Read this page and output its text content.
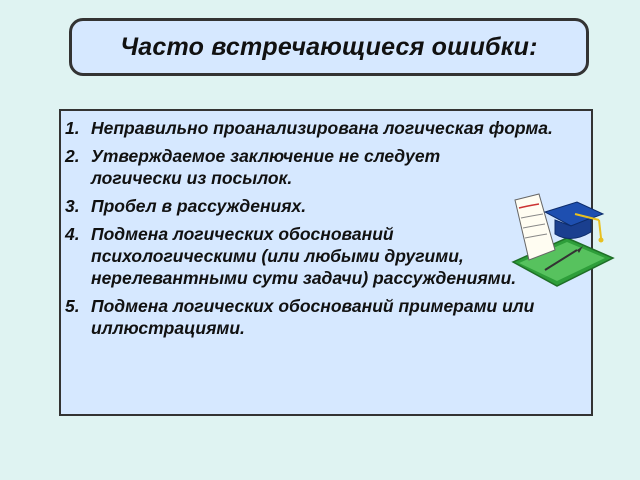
Часто встречающиеся ошибки:
1. Неправильно проанализирована логическая форма.
2. Утверждаемое заключение не следует логически из посылок.
3. Пробел в рассуждениях.
4. Подмена логических обоснований психологическими (или любыми другими, нерелевантными сути задачи) рассуждениями.
5. Подмена логических обоснований примерами или иллюстрациями.
